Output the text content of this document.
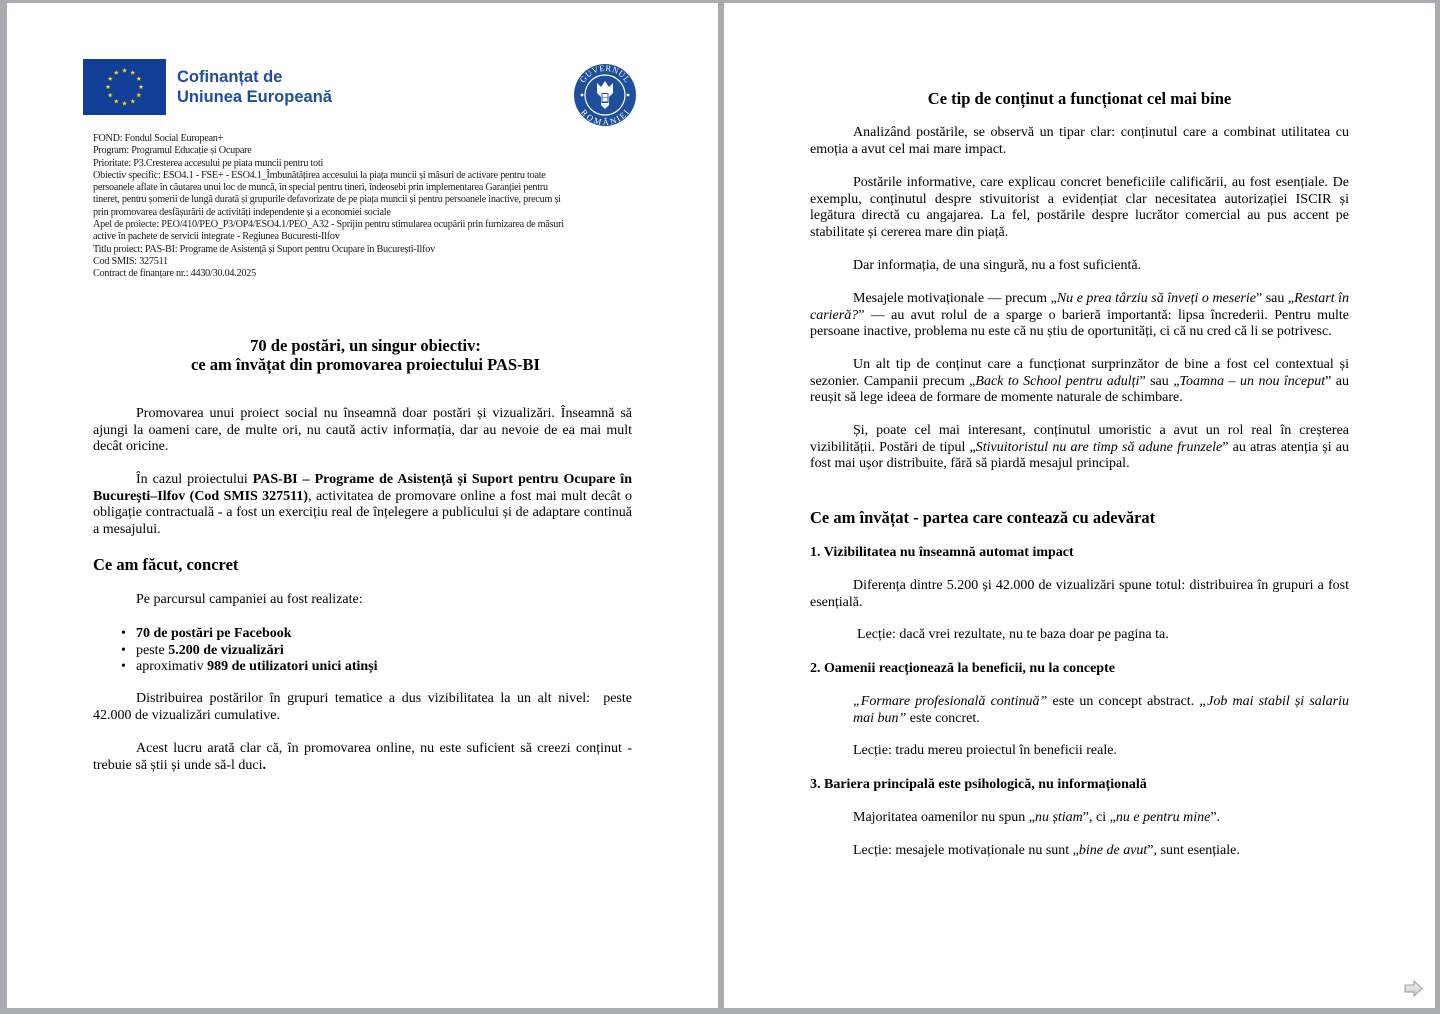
Cofinanțat de
Uniunea Europeană
GUVERNUL
ROMÂNIEI
FOND: Fondul Social European+
Program: Programul Educație și Ocupare
Prioritate: P3.Cresterea accesului pe piata muncii pentru toti
Obiectiv specific: ESO4.1 - FSE+ - ESO4.1_Îmbunătățirea accesului la piața muncii și măsuri de activare pentru toate
persoanele aflate în căutarea unui loc de muncă, în special pentru tineri, îndeosebi prin implementarea Garanției pentru
tineret, pentru șomerii de lungă durată și grupurile defavorizate de pe piața muncii și pentru persoanele inactive, precum și
prin promovarea desfășurării de activități independente și a economiei sociale
Apel de proiecte: PEO/410/PEO_P3/OP4/ESO4.1/PEO_A32 - Sprijin pentru stimularea ocupării prin furnizarea de măsuri
active în pachete de servicii integrate - Regiunea Bucuresti-Ilfov
Titlu proiect: PAS-BI: Programe de Asistență și Suport pentru Ocupare în București-Ilfov
Cod SMIS: 327511
Contract de finanțare nr.: 4430/30.04.2025
70 de postări, un singur obiectiv:
ce am învățat din promovarea proiectului PAS-BI
Promovarea unui proiect social nu înseamnă doar postări și vizualizări. Înseamnă să ajungi la oameni care, de multe ori, nu caută activ informația, dar au nevoie de ea mai mult decât oricine.
În cazul proiectului PAS-BI – Programe de Asistență și Suport pentru Ocupare în București–Ilfov (Cod SMIS 327511), activitatea de promovare online a fost mai mult decât o obligație contractuală - a fost un exercițiu real de înțelegere a publicului și de adaptare continuă a mesajului.
Ce am făcut, concret
Pe parcursul campaniei au fost realizate:
• 70 de postări pe Facebook
• peste 5.200 de vizualizări
• aproximativ 989 de utilizatori unici atinși
Distribuirea postărilor în grupuri tematice a dus vizibilitatea la un alt nivel:  peste 42.000 de vizualizări cumulative.
Acest lucru arată clar că, în promovarea online, nu este suficient să creezi conținut - trebuie să știi și unde să-l duci.
Ce tip de conținut a funcționat cel mai bine
Analizând postările, se observă un tipar clar: conținutul care a combinat utilitatea cu emoția a avut cel mai mare impact.
Postările informative, care explicau concret beneficiile calificării, au fost esențiale. De exemplu, conținutul despre stivuitorist a evidențiat clar necesitatea autorizației ISCIR și legătura directă cu angajarea. La fel, postările despre lucrător comercial au pus accent pe stabilitate și cererea mare din piață.
Dar informația, de una singură, nu a fost suficientă.
Mesajele motivaționale — precum „Nu e prea târziu să înveți o meserie” sau „Restart în carieră?” — au avut rolul de a sparge o barieră importantă: lipsa încrederii. Pentru multe persoane inactive, problema nu este că nu știu de oportunități, ci că nu cred că li se potrivesc.
Un alt tip de conținut care a funcționat surprinzător de bine a fost cel contextual și sezonier. Campanii precum „Back to School pentru adulți” sau „Toamna – un nou început” au reușit să lege ideea de formare de momente naturale de schimbare.
Și, poate cel mai interesant, conținutul umoristic a avut un rol real în creșterea vizibilității. Postări de tipul „Stivuitoristul nu are timp să adune frunzele” au atras atenția și au fost mai ușor distribuite, fără să piardă mesajul principal.
Ce am învățat - partea care contează cu adevărat
1. Vizibilitatea nu înseamnă automat impact
Diferența dintre 5.200 și 42.000 de vizualizări spune totul: distribuirea în grupuri a fost esențială.
Lecție: dacă vrei rezultate, nu te baza doar pe pagina ta.
2. Oamenii reacționează la beneficii, nu la concepte
„Formare profesională continuă” este un concept abstract. „Job mai stabil și salariu mai bun” este concret.
Lecție: tradu mereu proiectul în beneficii reale.
3. Bariera principală este psihologică, nu informațională
Majoritatea oamenilor nu spun „nu știam”, ci „nu e pentru mine”.
Lecție: mesajele motivaționale nu sunt „bine de avut”, sunt esențiale.
